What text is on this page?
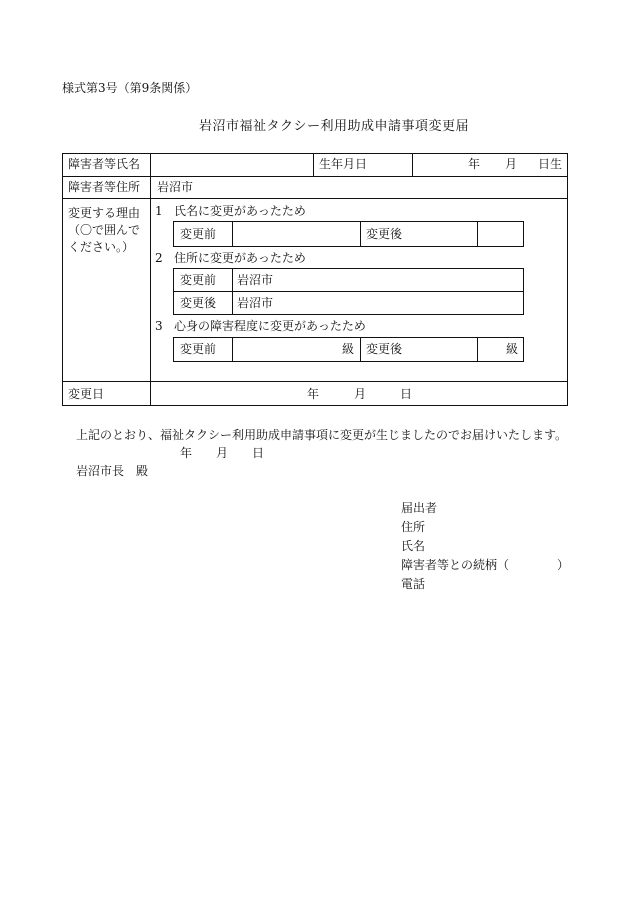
様式第3号（第9条関係）
岩沼市福祉タクシー利用助成申請事項変更届
障害者等氏名	生年月日	年 月 日生
障害者等住所 岩沼市
変更する理由（〇で囲んでください。）
1 氏名に変更があったため
変更前	変更後
2 住所に変更があったため
変更前 岩沼市
変更後 岩沼市
3 心身の障害程度に変更があったため
変更前	級 変更後	級
変更日	年	月	日
上記のとおり、福祉タクシー利用助成申請事項に変更が生じましたのでお届けいたします。
年 月 日
岩沼市長　殿
届出者
住所
氏名
障害者等との続柄（	）
電話
